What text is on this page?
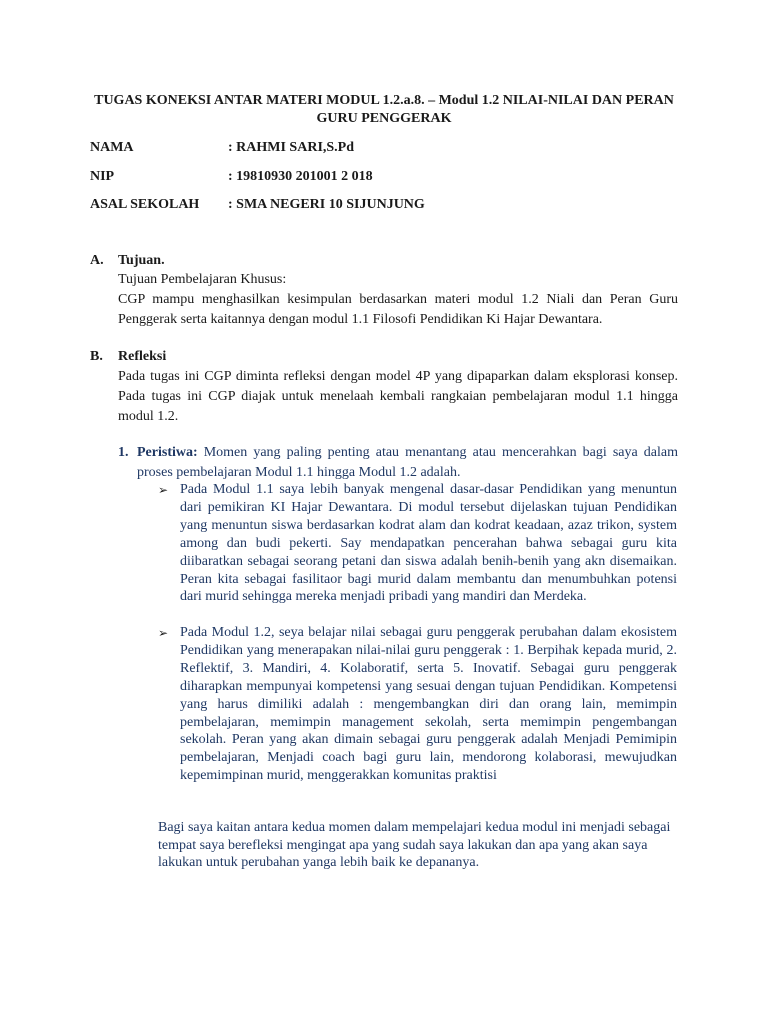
TUGAS KONEKSI ANTAR MATERI MODUL 1.2.a.8. – Modul 1.2 NILAI-NILAI DAN PERAN GURU PENGGERAK
NAMA	: RAHMI SARI,S.Pd
NIP	: 19810930 201001 2 018
ASAL SEKOLAH : SMA NEGERI 10 SIJUNJUNG
A. Tujuan.
Tujuan Pembelajaran Khusus:
CGP mampu menghasilkan kesimpulan berdasarkan materi modul 1.2 Niali dan Peran Guru Penggerak serta kaitannya dengan modul 1.1 Filosofi Pendidikan Ki Hajar Dewantara.
B. Refleksi
Pada tugas ini CGP diminta refleksi dengan model 4P yang dipaparkan dalam eksplorasi konsep. Pada tugas ini CGP diajak untuk menelaah kembali rangkaian pembelajaran modul 1.1 hingga modul 1.2.
1. Peristiwa: Momen yang paling penting atau menantang atau mencerahkan bagi saya dalam proses pembelajaran Modul 1.1 hingga Modul 1.2 adalah.
➢ Pada Modul 1.1 saya lebih banyak mengenal dasar-dasar Pendidikan yang menuntun dari pemikiran KI Hajar Dewantara. Di modul tersebut dijelaskan tujuan Pendidikan yang menuntun siswa berdasarkan kodrat alam dan kodrat keadaan, azaz trikon, system among dan budi pekerti. Say mendapatkan pencerahan bahwa sebagai guru kita diibaratkan sebagai seorang petani dan siswa adalah benih-benih yang akn disemaikan. Peran kita sebagai fasilitaor bagi murid dalam membantu dan menumbuhkan potensi dari murid sehingga mereka menjadi pribadi yang mandiri dan Merdeka.
➢ Pada Modul 1.2, seya belajar nilai sebagai guru penggerak perubahan dalam ekosistem Pendidikan yang menerapakan nilai-nilai guru penggerak : 1. Berpihak kepada murid, 2. Reflektif, 3. Mandiri, 4. Kolaboratif, serta 5. Inovatif. Sebagai guru penggerak diharapkan mempunyai kompetensi yang sesuai dengan tujuan Pendidikan. Kompetensi yang harus dimiliki adalah : mengembangkan diri dan orang lain, memimpin pembelajaran, memimpin management sekolah, serta memimpin pengembangan sekolah. Peran yang akan dimain sebagai guru penggerak adalah Menjadi Pemimipin pembelajaran, Menjadi coach bagi guru lain, mendorong kolaborasi, mewujudkan kepemimpinan murid, menggerakkan komunitas praktisi
Bagi saya kaitan antara kedua momen dalam mempelajari kedua modul ini menjadi sebagai tempat saya berefleksi mengingat apa yang sudah saya lakukan dan apa yang akan saya lakukan untuk perubahan yanga lebih baik ke depananya.
